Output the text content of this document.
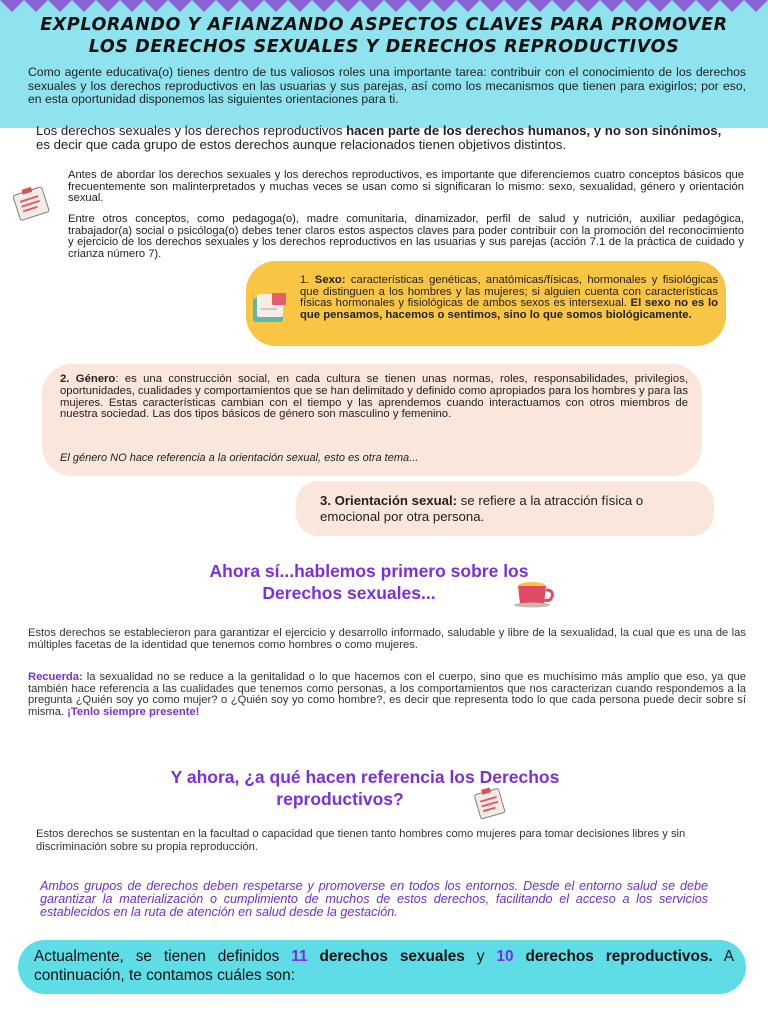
EXPLORANDO Y AFIANZANDO ASPECTOS CLAVES PARA PROMOVER
LOS DERECHOS SEXUALES Y DERECHOS REPRODUCTIVOS
Como agente educativa(o) tienes dentro de tus valiosos roles una importante tarea: contribuir con el conocimiento de los derechos sexuales y los derechos reproductivos en las usuarias y sus parejas, así como los mecanismos que tienen para exigirlos; por eso, en esta oportunidad disponemos las siguientes orientaciones para ti.
Los derechos sexuales y los derechos reproductivos hacen parte de los derechos humanos, y no son sinónimos, es decir que cada grupo de estos derechos aunque relacionados tienen objetivos distintos.
Antes de abordar los derechos sexuales y los derechos reproductivos, es importante que diferenciemos cuatro conceptos básicos que frecuentemente son malinterpretados y muchas veces se usan como si significaran lo mismo: sexo, sexualidad, género y orientación sexual.
Entre otros conceptos, como pedagoga(o), madre comunitaria, dinamizador, perfil de salud y nutrición, auxiliar pedagógica, trabajador(a) social o psicóloga(o) debes tener claros estos aspectos claves para poder contribuir con la promoción del reconocimiento y ejercicio de los derechos sexuales y los derechos reproductivos en las usuarias y sus parejas (acción 7.1 de la práctica de cuidado y crianza número 7).
1. Sexo: características genéticas, anatómicas/físicas, hormonales y fisiológicas que distinguen a los hombres y las mujeres; si alguien cuenta con características físicas hormonales y fisiológicas de ambos sexos es intersexual. El sexo no es lo que pensamos, hacemos o sentimos, sino lo que somos biológicamente.
2. Género: es una construcción social, en cada cultura se tienen unas normas, roles, responsabilidades, privilegios, oportunidades, cualidades y comportamientos que se han delimitado y definido como apropiados para los hombres y para las mujeres. Estas características cambian con el tiempo y las aprendemos cuando interactuamos con otros miembros de nuestra sociedad. Las dos tipos básicos de género son masculino y femenino.
El género NO hace referencia a la orientación sexual, esto es otra tema...
3. Orientación sexual: se refiere a la atracción física o emocional por otra persona.
Ahora sí...hablemos primero sobre los
Derechos sexuales...
Estos derechos se establecieron para garantizar el ejercicio y desarrollo informado, saludable y libre de la sexualidad, la cual que es una de las múltiples facetas de la identidad que tenemos como hombres o como mujeres.
Recuerda: la sexualidad no se reduce a la genitalidad o lo que hacemos con el cuerpo, sino que es muchísimo más amplio que eso, ya que también hace referencia a las cualidades que tenemos como personas, a los comportamientos que nos caracterizan cuando respondemos a la pregunta ¿Quién soy yo como mujer? o ¿Quién soy yo como hombre?, es decir que representa todo lo que cada persona puede decir sobre sí misma. ¡Tenlo siempre presente!
Y ahora, ¿a qué hacen referencia los Derechos
reproductivos?
Estos derechos se sustentan en la facultad o capacidad que tienen tanto hombres como mujeres para tomar decisiones libres y sin discriminación sobre su propia reproducción.
Ambos grupos de derechos deben respetarse y promoverse en todos los entornos. Desde el entorno salud se debe garantizar la materialización o cumplimiento de muchos de estos derechos, facilitando el acceso a los servicios establecidos en la ruta de atención en salud desde la gestación.
Actualmente, se tienen definidos 11 derechos sexuales y 10 derechos reproductivos. A continuación, te contamos cuáles son:
